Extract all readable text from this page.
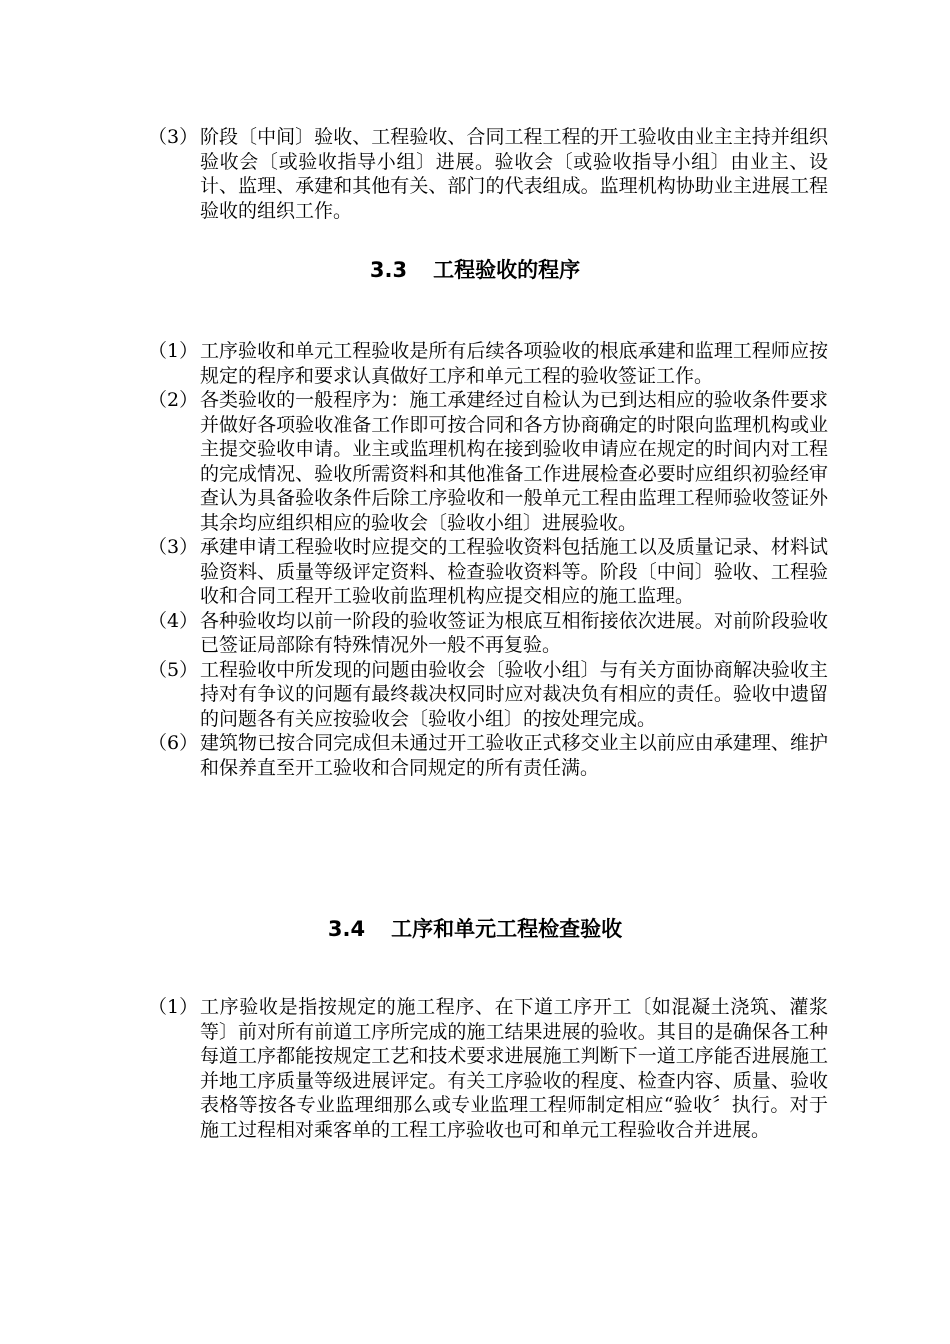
（3） 阶段〔中间〕验收、工程验收、合同工程工程的开工验收由业主主持并组织验收会〔或验收指导小组〕进展。验收会〔或验收指导小组〕由业主、设计、监理、承建和其他有关、部门的代表组成。监理机构协助业主进展工程验收的组织工作。
3.3 工程验收的程序
（1） 工序验收和单元工程验收是所有后续各项验收的根底承建和监理工程师应按规定的程序和要求认真做好工序和单元工程的验收签证工作。
（2） 各类验收的一般程序为：施工承建经过自检认为已到达相应的验收条件要求并做好各项验收准备工作即可按合同和各方协商确定的时限向监理机构或业主提交验收申请。业主或监理机构在接到验收申请应在规定的时间内对工程的完成情况、验收所需资料和其他准备工作进展检查必要时应组织初验经审查认为具备验收条件后除工序验收和一般单元工程由监理工程师验收签证外其余均应组织相应的验收会〔验收小组〕进展验收。
（3） 承建申请工程验收时应提交的工程验收资料包括施工以及质量记录、材料试验资料、质量等级评定资料、检查验收资料等。阶段〔中间〕验收、工程验收和合同工程开工验收前监理机构应提交相应的施工监理。
（4） 各种验收均以前一阶段的验收签证为根底互相衔接依次进展。对前阶段验收已签证局部除有特殊情况外一般不再复验。
（5） 工程验收中所发现的问题由验收会〔验收小组〕与有关方面协商解决验收主持对有争议的问题有最终裁决权同时应对裁决负有相应的责任。验收中遗留的问题各有关应按验收会〔验收小组〕的按处理完成。
（6） 建筑物已按合同完成但未通过开工验收正式移交业主以前应由承建理、维护和保养直至开工验收和合同规定的所有责任满。
3.4 工序和单元工程检查验收
（1） 工序验收是指按规定的施工程序、在下道工序开工〔如混凝土浇筑、灌浆等〕前对所有前道工序所完成的施工结果进展的验收。其目的是确保各工种每道工序都能按规定工艺和技术要求进展施工判断下一道工序能否进展施工并地工序质量等级进展评定。有关工序验收的程度、检查内容、质量、验收表格等按各专业监理细那么或专业监理工程师制定相应“验收〞执行。对于施工过程相对乘客单的工程工序验收也可和单元工程验收合并进展。
